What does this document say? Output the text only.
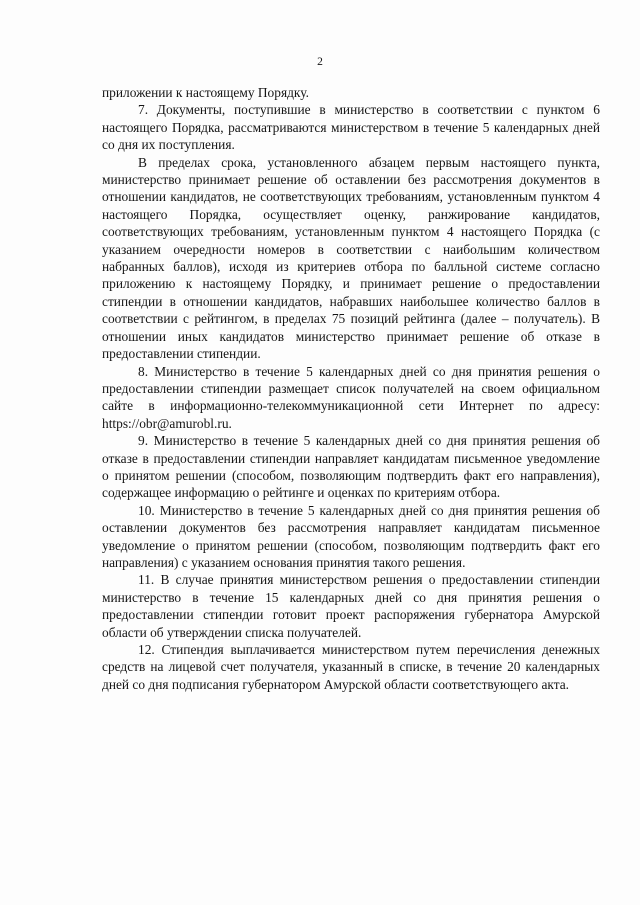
2

приложении к настоящему Порядку.

7. Документы, поступившие в министерство в соответствии с пунктом 6 настоящего Порядка, рассматриваются министерством в течение 5 календарных дней со дня их поступления.

В пределах срока, установленного абзацем первым настоящего пункта, министерство принимает решение об оставлении без рассмотрения документов в отношении кандидатов, не соответствующих требованиям, установленным пунктом 4 настоящего Порядка, осуществляет оценку, ранжирование кандидатов, соответствующих требованиям, установленным пунктом 4 настоящего Порядка (с указанием очередности номеров в соответствии с наибольшим количеством набранных баллов), исходя из критериев отбора по балльной системе согласно приложению к настоящему Порядку, и принимает решение о предоставлении стипендии в отношении кандидатов, набравших наибольшее количество баллов в соответствии с рейтингом, в пределах 75 позиций рейтинга (далее – получатель). В отношении иных кандидатов министерство принимает решение об отказе в предоставлении стипендии.

8. Министерство в течение 5 календарных дней со дня принятия решения о предоставлении стипендии размещает список получателей на своем официальном сайте в информационно-телекоммуникационной сети Интернет по адресу: https://obr@amurobl.ru.

9. Министерство в течение 5 календарных дней со дня принятия решения об отказе в предоставлении стипендии направляет кандидатам письменное уведомление о принятом решении (способом, позволяющим подтвердить факт его направления), содержащее информацию о рейтинге и оценках по критериям отбора.

10. Министерство в течение 5 календарных дней со дня принятия решения об оставлении документов без рассмотрения направляет кандидатам письменное уведомление о принятом решении (способом, позволяющим подтвердить факт его направления) с указанием основания принятия такого решения.

11. В случае принятия министерством решения о предоставлении стипендии министерство в течение 15 календарных дней со дня принятия решения о предоставлении стипендии готовит проект распоряжения губернатора Амурской области об утверждении списка получателей.

12. Стипендия выплачивается министерством путем перечисления денежных средств на лицевой счет получателя, указанный в списке, в течение 20 календарных дней со дня подписания губернатором Амурской области соответствующего акта.
